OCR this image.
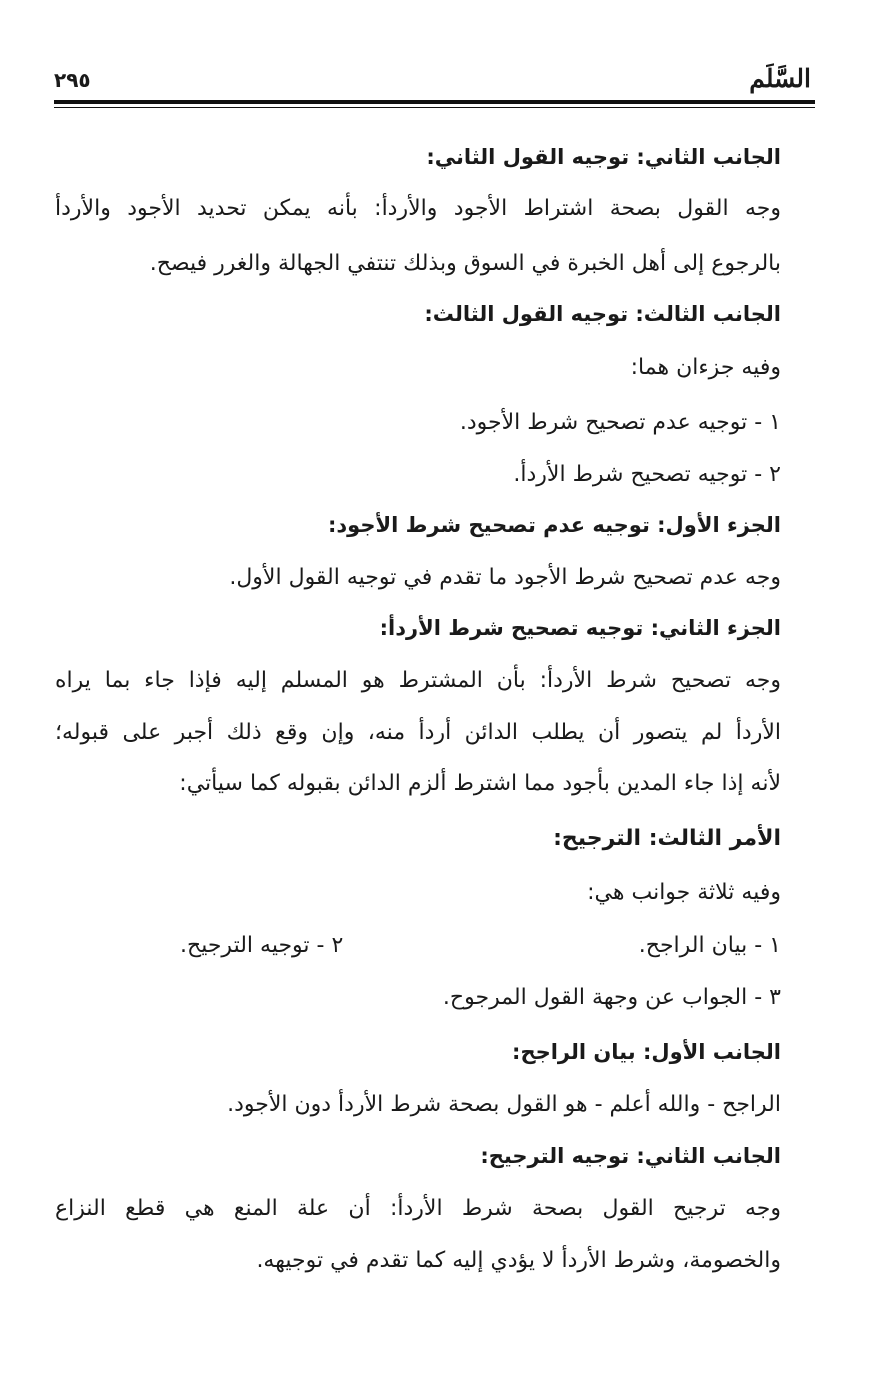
السَّلَم
٢٩٥
الجانب الثاني: توجيه القول الثاني:
وجه القول بصحة اشتراط الأجود والأردأ: بأنه يمكن تحديد الأجود والأردأ
بالرجوع إلى أهل الخبرة في السوق وبذلك تنتفي الجهالة والغرر فيصح.
الجانب الثالث: توجيه القول الثالث:
وفيه جزءان هما:
١ - توجيه عدم تصحيح شرط الأجود.
٢ - توجيه تصحيح شرط الأردأ.
الجزء الأول: توجيه عدم تصحيح شرط الأجود:
وجه عدم تصحيح شرط الأجود ما تقدم في توجيه القول الأول.
الجزء الثاني: توجيه تصحيح شرط الأردأ:
وجه تصحيح شرط الأردأ: بأن المشترط هو المسلم إليه فإذا جاء بما يراه
الأردأ لم يتصور أن يطلب الدائن أردأ منه، وإن وقع ذلك أجبر على قبوله؛
لأنه إذا جاء المدين بأجود مما اشترط ألزم الدائن بقبوله كما سيأتي:
الأمر الثالث: الترجيح:
وفيه ثلاثة جوانب هي:
١ - بيان الراجح.
٢ - توجيه الترجيح.
٣ - الجواب عن وجهة القول المرجوح.
الجانب الأول: بيان الراجح:
الراجح - والله أعلم - هو القول بصحة شرط الأردأ دون الأجود.
الجانب الثاني: توجيه الترجيح:
وجه ترجيح القول بصحة شرط الأردأ: أن علة المنع هي قطع النزاع
والخصومة، وشرط الأردأ لا يؤدي إليه كما تقدم في توجيهه.
